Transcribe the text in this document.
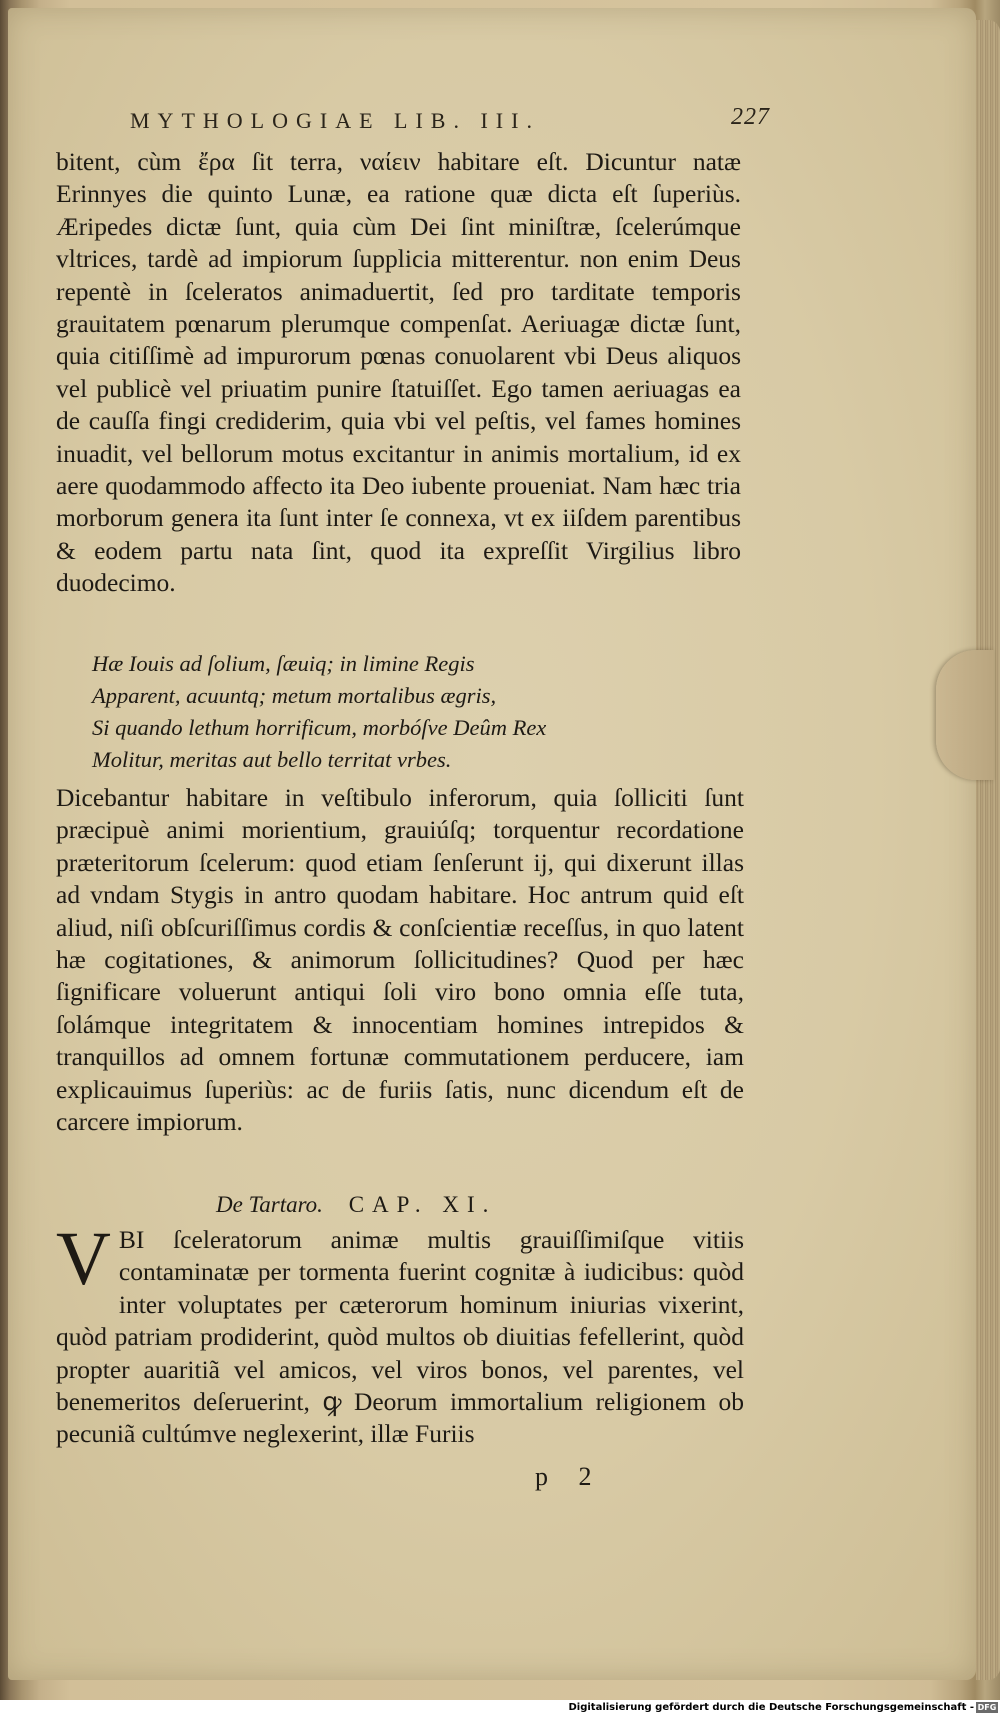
MYTHOLOGIAE LIB. III.	227

bitent, cùm ἔρα ſit terra, ναίειν habitare eſt. Dicuntur natæ Erinnyes die quinto Lunæ, ea ratione quæ dicta eſt ſuperiùs. Æripedes dictæ ſunt, quia cùm Dei ſint miniſtræ, ſcelerúmque vltrices, tardè ad impiorum ſupplicia mitterentur. non enim Deus repentè in ſceleratos animaduertit, ſed pro tarditate temporis grauitatem pœnarum plerumque compenſat. Aeriuagæ dictæ ſunt, quia citiſſimè ad impurorum pœnas conuolarent vbi Deus aliquos vel publicè vel priuatim punire ſtatuiſſet. Ego tamen aeriuagas ea de cauſſa fingi crediderim, quia vbi vel peſtis, vel fames homines inuadit, vel bellorum motus excitantur in animis mortalium, id ex aere quodammodo affecto ita Deo iubente proueniat. Nam hæc tria morborum genera ita ſunt inter ſe connexa, vt ex iiſdem parentibus & eodem partu nata ſint, quod ita expreſſit Virgilius libro duodecimo.

Hæ Iouis ad ſolium, ſæuiq; in limine Regis
Apparent, acuuntq; metum mortalibus ægris,
Si quando lethum horrificum, morbóſve Deûm Rex
Molitur, meritas aut bello territat vrbes.

Dicebantur habitare in veſtibulo inferorum, quia ſolliciti ſunt præcipuè animi morientium, grauiúſq; torquentur recordatione præteritorum ſcelerum: quod etiam ſenſerunt ij, qui dixerunt illas ad vndam Stygis in antro quodam habitare. Hoc antrum quid eſt aliud, niſi obſcuriſſimus cordis & conſcientiæ receſſus, in quo latent hæ cogitationes, & animorum ſollicitudines? Quod per hæc ſignificare voluerunt antiqui ſoli viro bono omnia eſſe tuta, ſolámque integritatem & innocentiam homines intrepidos & tranquillos ad omnem fortunæ commutationem perducere, iam explicauimus ſuperiùs: ac de furiis ſatis, nunc dicendum eſt de carcere impiorum.

De Tartaro. CAP. XI.
V BI ſceleratorum animæ multis grauiſſimiſque vitiis contaminatæ per tormenta fuerint cognitæ à iudicibus: quòd inter voluptates per cæterorum hominum iniurias vixerint, quòd patriam prodiderint, quòd multos ob diuitias fefellerint, quòd propter auaritiã vel amicos, vel viros bonos, vel parentes, vel benemeritos deſeruerint, ꝙ Deorum immortalium religionem ob pecuniã cultúmve neglexerint, illæ Furiis

p 2
Digitalisierung gefördert durch die Deutsche Forschungsgemeinschaft - DFG
